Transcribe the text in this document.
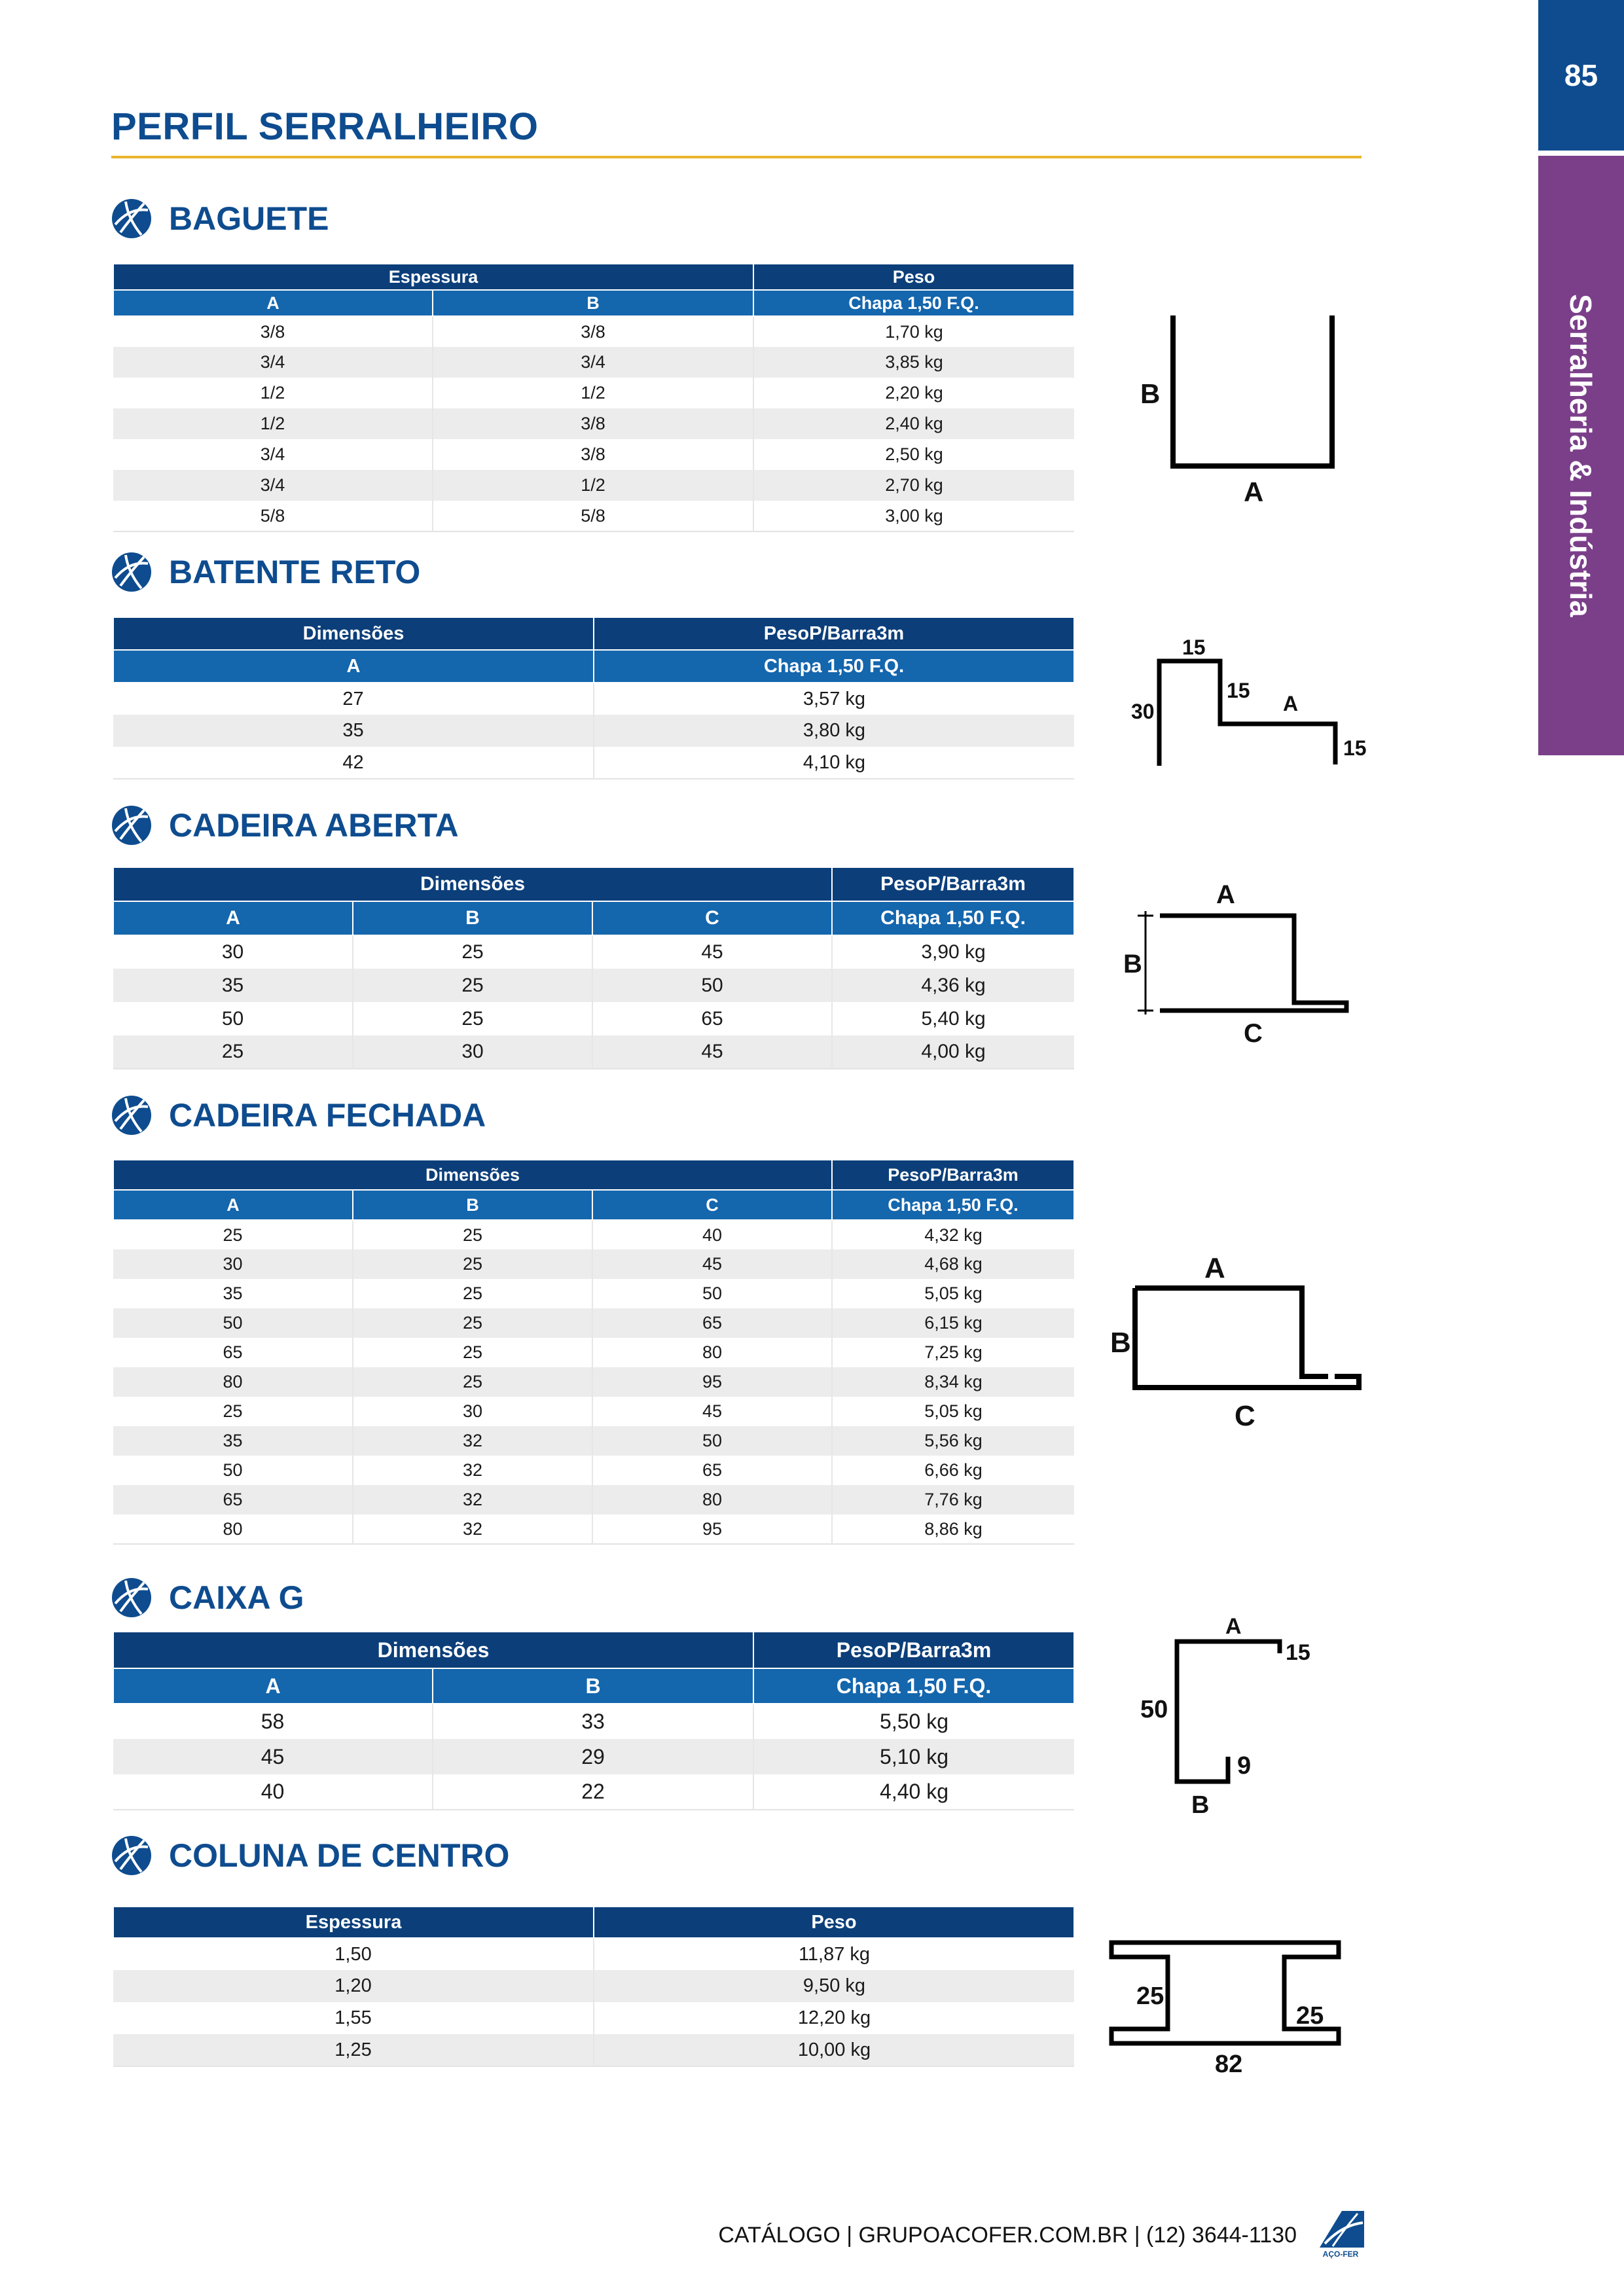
85
Serralheria & Indústria
PERFIL SERRALHEIRO
BAGUETE
Espessura		Peso
A	B	Chapa 1,50 F.Q.
3/8	3/8	1,70 kg
3/4	3/4	3,85 kg
1/2	1/2	2,20 kg
1/2	3/8	2,40 kg
3/4	3/8	2,50 kg
3/4	1/2	2,70 kg
5/8	5/8	3,00 kg
B
A
BATENTE RETO
Dimensões	PesoP/Barra3m
A	Chapa 1,50 F.Q.
27	3,57 kg
35	3,80 kg
42	4,10 kg
15
30
15
A
15
CADEIRA ABERTA
Dimensões			PesoP/Barra3m
A	B	C	Chapa 1,50 F.Q.
30	25	45	3,90 kg
35	25	50	4,36 kg
50	25	65	5,40 kg
25	30	45	4,00 kg
A
B
C
CADEIRA FECHADA
Dimensões			PesoP/Barra3m
A	B	C	Chapa 1,50 F.Q.
25	25	40	4,32 kg
30	25	45	4,68 kg
35	25	50	5,05 kg
50	25	65	6,15 kg
65	25	80	7,25 kg
80	25	95	8,34 kg
25	30	45	5,05 kg
35	32	50	5,56 kg
50	32	65	6,66 kg
65	32	80	7,76 kg
80	32	95	8,86 kg
A
B
C
CAIXA G
Dimensões		PesoP/Barra3m
A	B	Chapa 1,50 F.Q.
58	33	5,50 kg
45	29	5,10 kg
40	22	4,40 kg
A
15
50
9
B
COLUNA DE CENTRO
Espessura	Peso
1,50	11,87 kg
1,20	9,50 kg
1,55	12,20 kg
1,25	10,00 kg
25
25
82
CATÁLOGO | GRUPOACOFER.COM.BR | (12) 3644-1130
AÇO-FER
